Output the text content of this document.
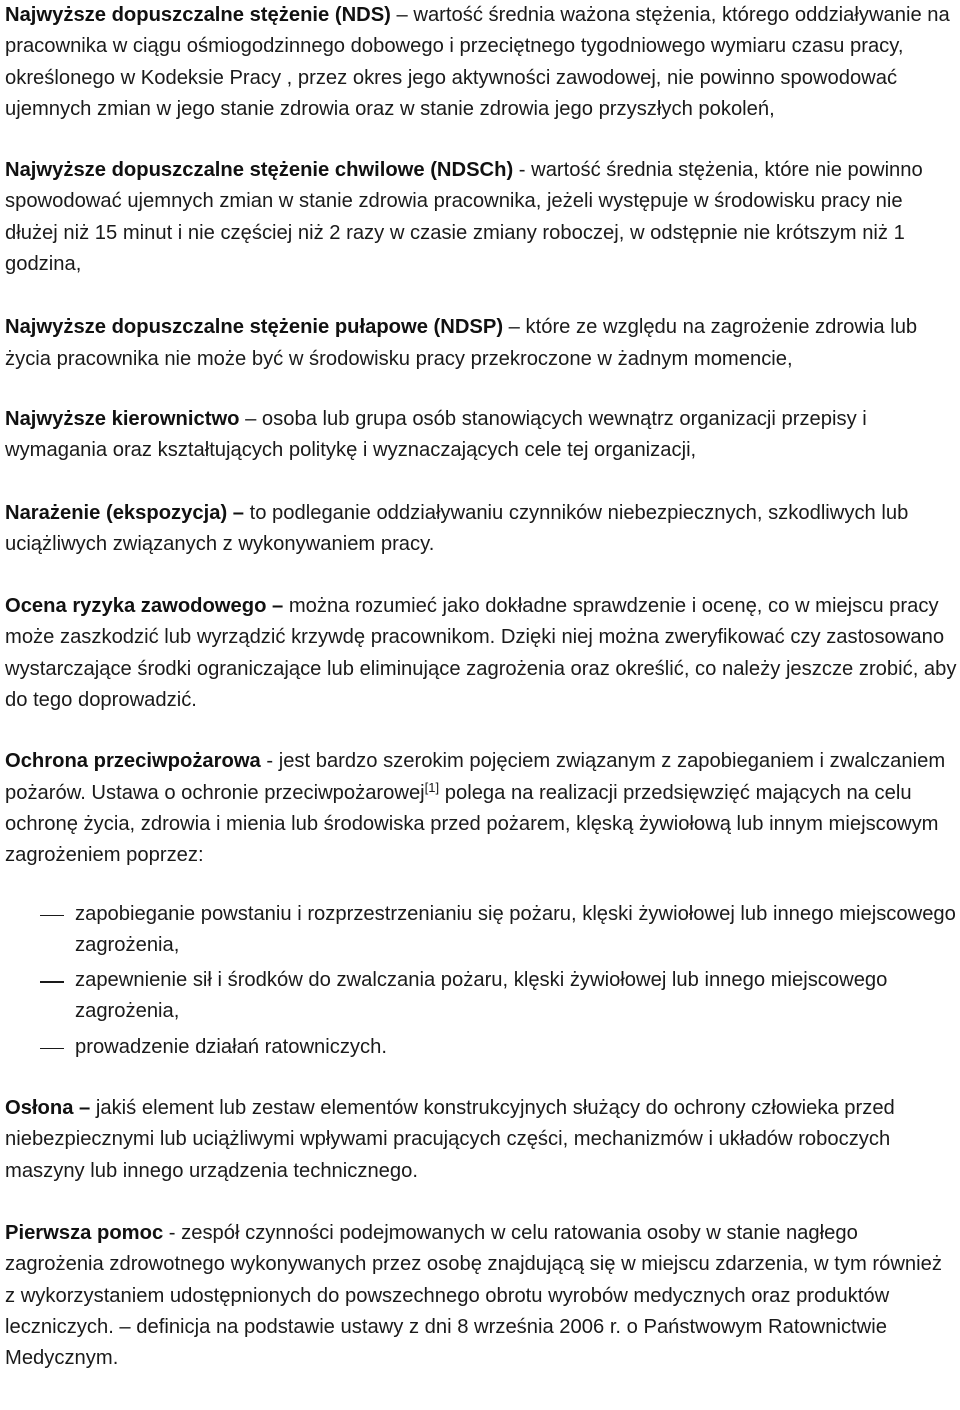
Najwyższe dopuszczalne stężenie (NDS) – wartość średnia ważona stężenia, którego oddziaływanie na pracownika w ciągu ośmiogodzinnego dobowego i przeciętnego tygodniowego wymiaru czasu pracy, określonego w Kodeksie Pracy , przez okres jego aktywności zawodowej, nie powinno spowodować ujemnych zmian w jego stanie zdrowia oraz w stanie zdrowia jego przyszłych pokoleń,

Najwyższe dopuszczalne stężenie chwilowe (NDSCh) - wartość średnia stężenia, które nie powinno spowodować ujemnych zmian w stanie zdrowia pracownika, jeżeli występuje w środowisku pracy nie dłużej niż 15 minut i nie częściej niż 2 razy w czasie zmiany roboczej, w odstępnie nie krótszym niż 1 godzina,

Najwyższe dopuszczalne stężenie pułapowe (NDSP) – które ze względu na zagrożenie zdrowia lub życia pracownika nie może być w środowisku pracy przekroczone w żadnym momencie,

Najwyższe kierownictwo – osoba lub grupa osób stanowiących wewnątrz organizacji przepisy i wymagania oraz kształtujących politykę i wyznaczających cele tej organizacji,

Narażenie (ekspozycja) – to podleganie oddziaływaniu czynników niebezpiecznych, szkodliwych lub uciążliwych związanych z wykonywaniem pracy.

Ocena ryzyka zawodowego – można rozumieć jako dokładne sprawdzenie i ocenę, co w miejscu pracy może zaszkodzić lub wyrządzić krzywdę pracownikom. Dzięki niej można zweryfikować czy zastosowano wystarczające środki ograniczające lub eliminujące zagrożenia oraz określić, co należy jeszcze zrobić, aby do tego doprowadzić.

Ochrona przeciwpożarowa - jest bardzo szerokim pojęciem związanym z zapobieganiem i zwalczaniem pożarów. Ustawa o ochronie przeciwpożarowej[1] polega na realizacji przedsięwzięć mających na celu ochronę życia, zdrowia i mienia lub środowiska przed pożarem, klęską żywiołową lub innym miejscowym zagrożeniem poprzez:

zapobieganie powstaniu i rozprzestrzenianiu się pożaru, klęski żywiołowej lub innego miejscowego zagrożenia,
zapewnienie sił i środków do zwalczania pożaru, klęski żywiołowej lub innego miejscowego zagrożenia,
prowadzenie działań ratowniczych.

Osłona – jakiś element lub zestaw elementów konstrukcyjnych służący do ochrony człowieka przed niebezpiecznymi lub uciążliwymi wpływami pracujących części, mechanizmów i układów roboczych maszyny lub innego urządzenia technicznego.

Pierwsza pomoc - zespół czynności podejmowanych w celu ratowania osoby w stanie nagłego zagrożenia zdrowotnego wykonywanych przez osobę znajdującą się w miejscu zdarzenia, w tym również z wykorzystaniem udostępnionych do powszechnego obrotu wyrobów medycznych oraz produktów leczniczych. – definicja na podstawie ustawy z dni 8 września 2006 r. o Państwowym Ratownictwie Medycznym.
